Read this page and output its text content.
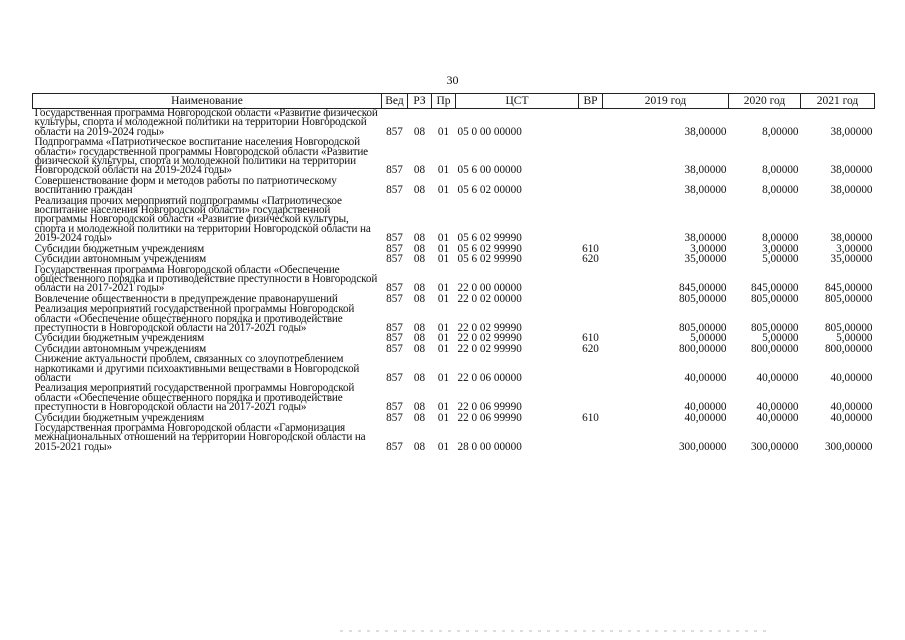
30
Наименование	Вед	РЗ	Пр	ЦСТ	ВР	2019 год	2020 год	2021 год
Государственная программа Новгородской области «Развитие физической культуры, спорта и молодежной политики на территории Новгородской области на 2019-2024 годы»	857	08	01	05 0 00 00000		38,00000	8,00000	38,00000
Подпрограмма «Патриотическое воспитание населения Новгородской области» государственной программы Новгородской области «Развитие физической культуры, спорта и молодежной политики на территории Новгородской области на 2019-2024 годы»	857	08	01	05 6 00 00000		38,00000	8,00000	38,00000
Совершенствование форм и методов работы по патриотическому воспитанию граждан	857	08	01	05 6 02 00000		38,00000	8,00000	38,00000
Реализация прочих мероприятий подпрограммы «Патриотическое воспитание населения Новгородской области» государственной программы Новгородской области «Развитие физической культуры, спорта и молодежной политики на территории Новгородской области на 2019-2024 годы»	857	08	01	05 6 02 99990		38,00000	8,00000	38,00000
Субсидии бюджетным учреждениям	857	08	01	05 6 02 99990	610	3,00000	3,00000	3,00000
Субсидии автономным учреждениям	857	08	01	05 6 02 99990	620	35,00000	5,00000	35,00000
Государственная программа Новгородской области «Обеспечение общественного порядка и противодействие преступности в Новгородской области на 2017-2021 годы»	857	08	01	22 0 00 00000		845,00000	845,00000	845,00000
Вовлечение общественности в предупреждение правонарушений	857	08	01	22 0 02 00000		805,00000	805,00000	805,00000
Реализация мероприятий государственной программы Новгородской области «Обеспечение общественного порядка и противодействие преступности в Новгородской области на 2017-2021 годы»	857	08	01	22 0 02 99990		805,00000	805,00000	805,00000
Субсидии бюджетным учреждениям	857	08	01	22 0 02 99990	610	5,00000	5,00000	5,00000
Субсидии автономным учреждениям	857	08	01	22 0 02 99990	620	800,00000	800,00000	800,00000
Снижение актуальности проблем, связанных со злоупотреблением наркотиками и другими психоактивными веществами в Новгородской области	857	08	01	22 0 06 00000		40,00000	40,00000	40,00000
Реализация мероприятий государственной программы Новгородской области «Обеспечение общественного порядка и противодействие преступности в Новгородской области на 2017-2021 годы»	857	08	01	22 0 06 99990		40,00000	40,00000	40,00000
Субсидии бюджетным учреждениям	857	08	01	22 0 06 99990	610	40,00000	40,00000	40,00000
Государственная программа Новгородской области «Гармонизация межнациональных отношений на территории Новгородской области на 2015-2021 годы»	857	08	01	28 0 00 00000		300,00000	300,00000	300,00000
